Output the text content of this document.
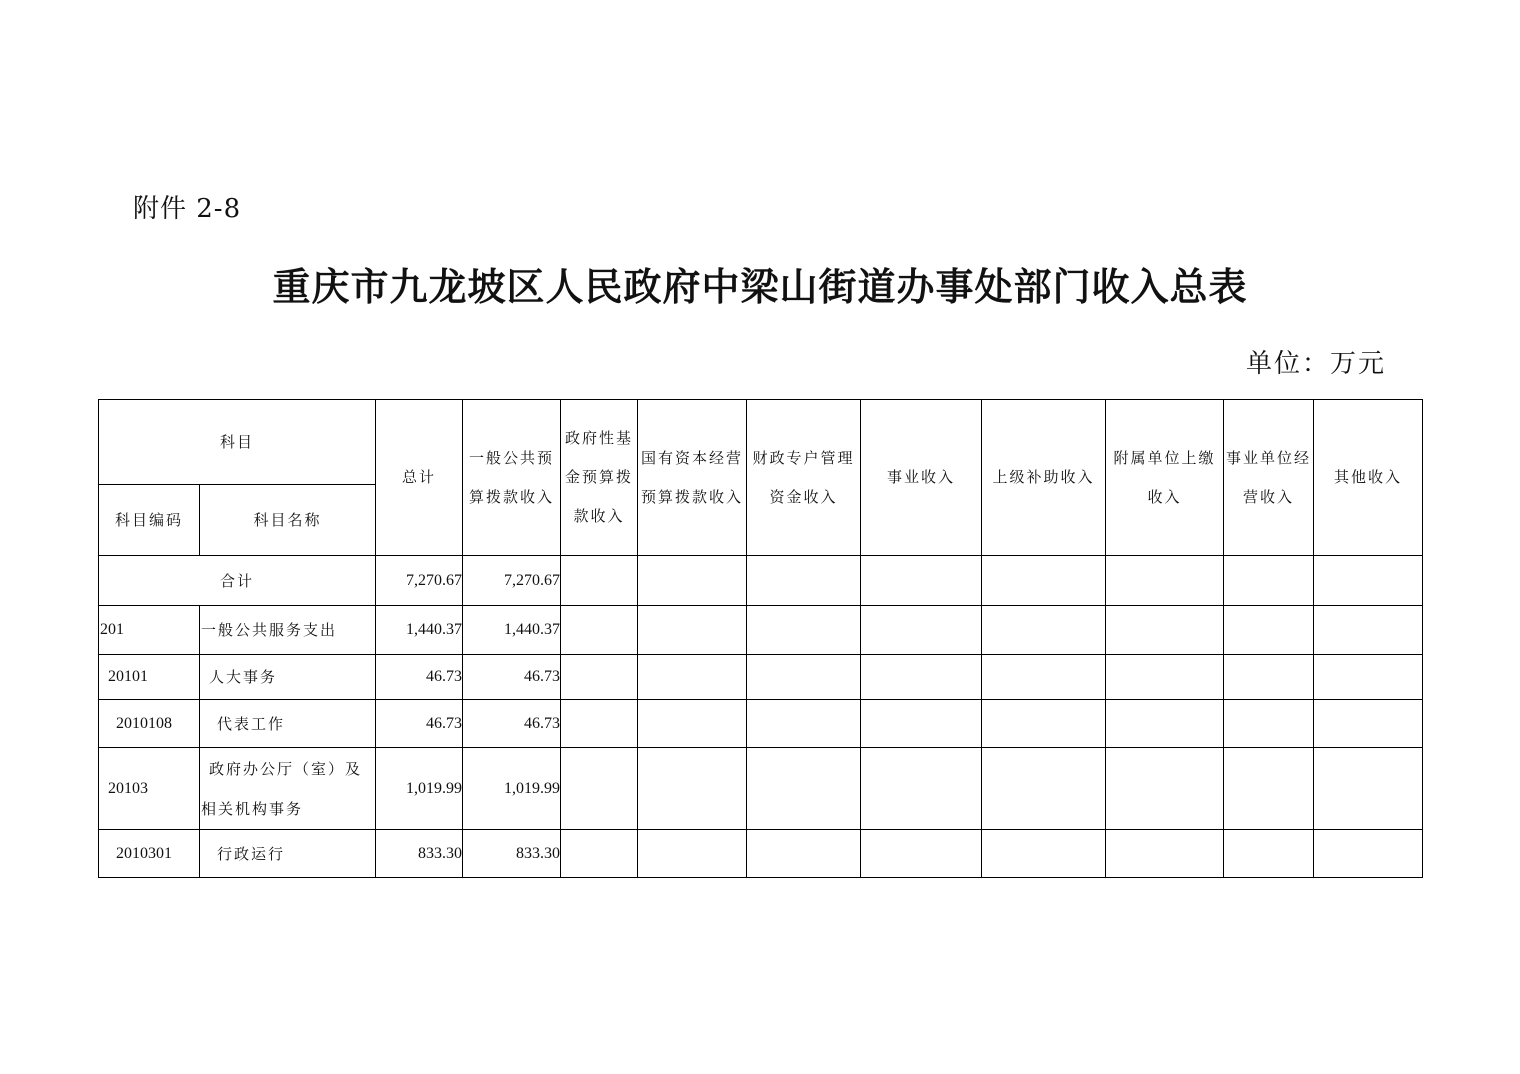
附件 2-8
重庆市九龙坡区人民政府中梁山街道办事处部门收入总表
单位：万元
科目		总计	一般公共预算拨款收入	政府性基金预算拨款收入	国有资本经营预算拨款收入	财政专户管理资金收入	事业收入	上级补助收入	附属单位上缴收入	事业单位经营收入	其他收入
科目编码	科目名称										
合计		7,270.67	7,270.67								
201	一般公共服务支出	1,440.37	1,440.37								
20101	人大事务	46.73	46.73								
2010108	代表工作	46.73	46.73								
20103	政府办公厅（室）及相关机构事务	1,019.99	1,019.99								
2010301	行政运行	833.30	833.30								
